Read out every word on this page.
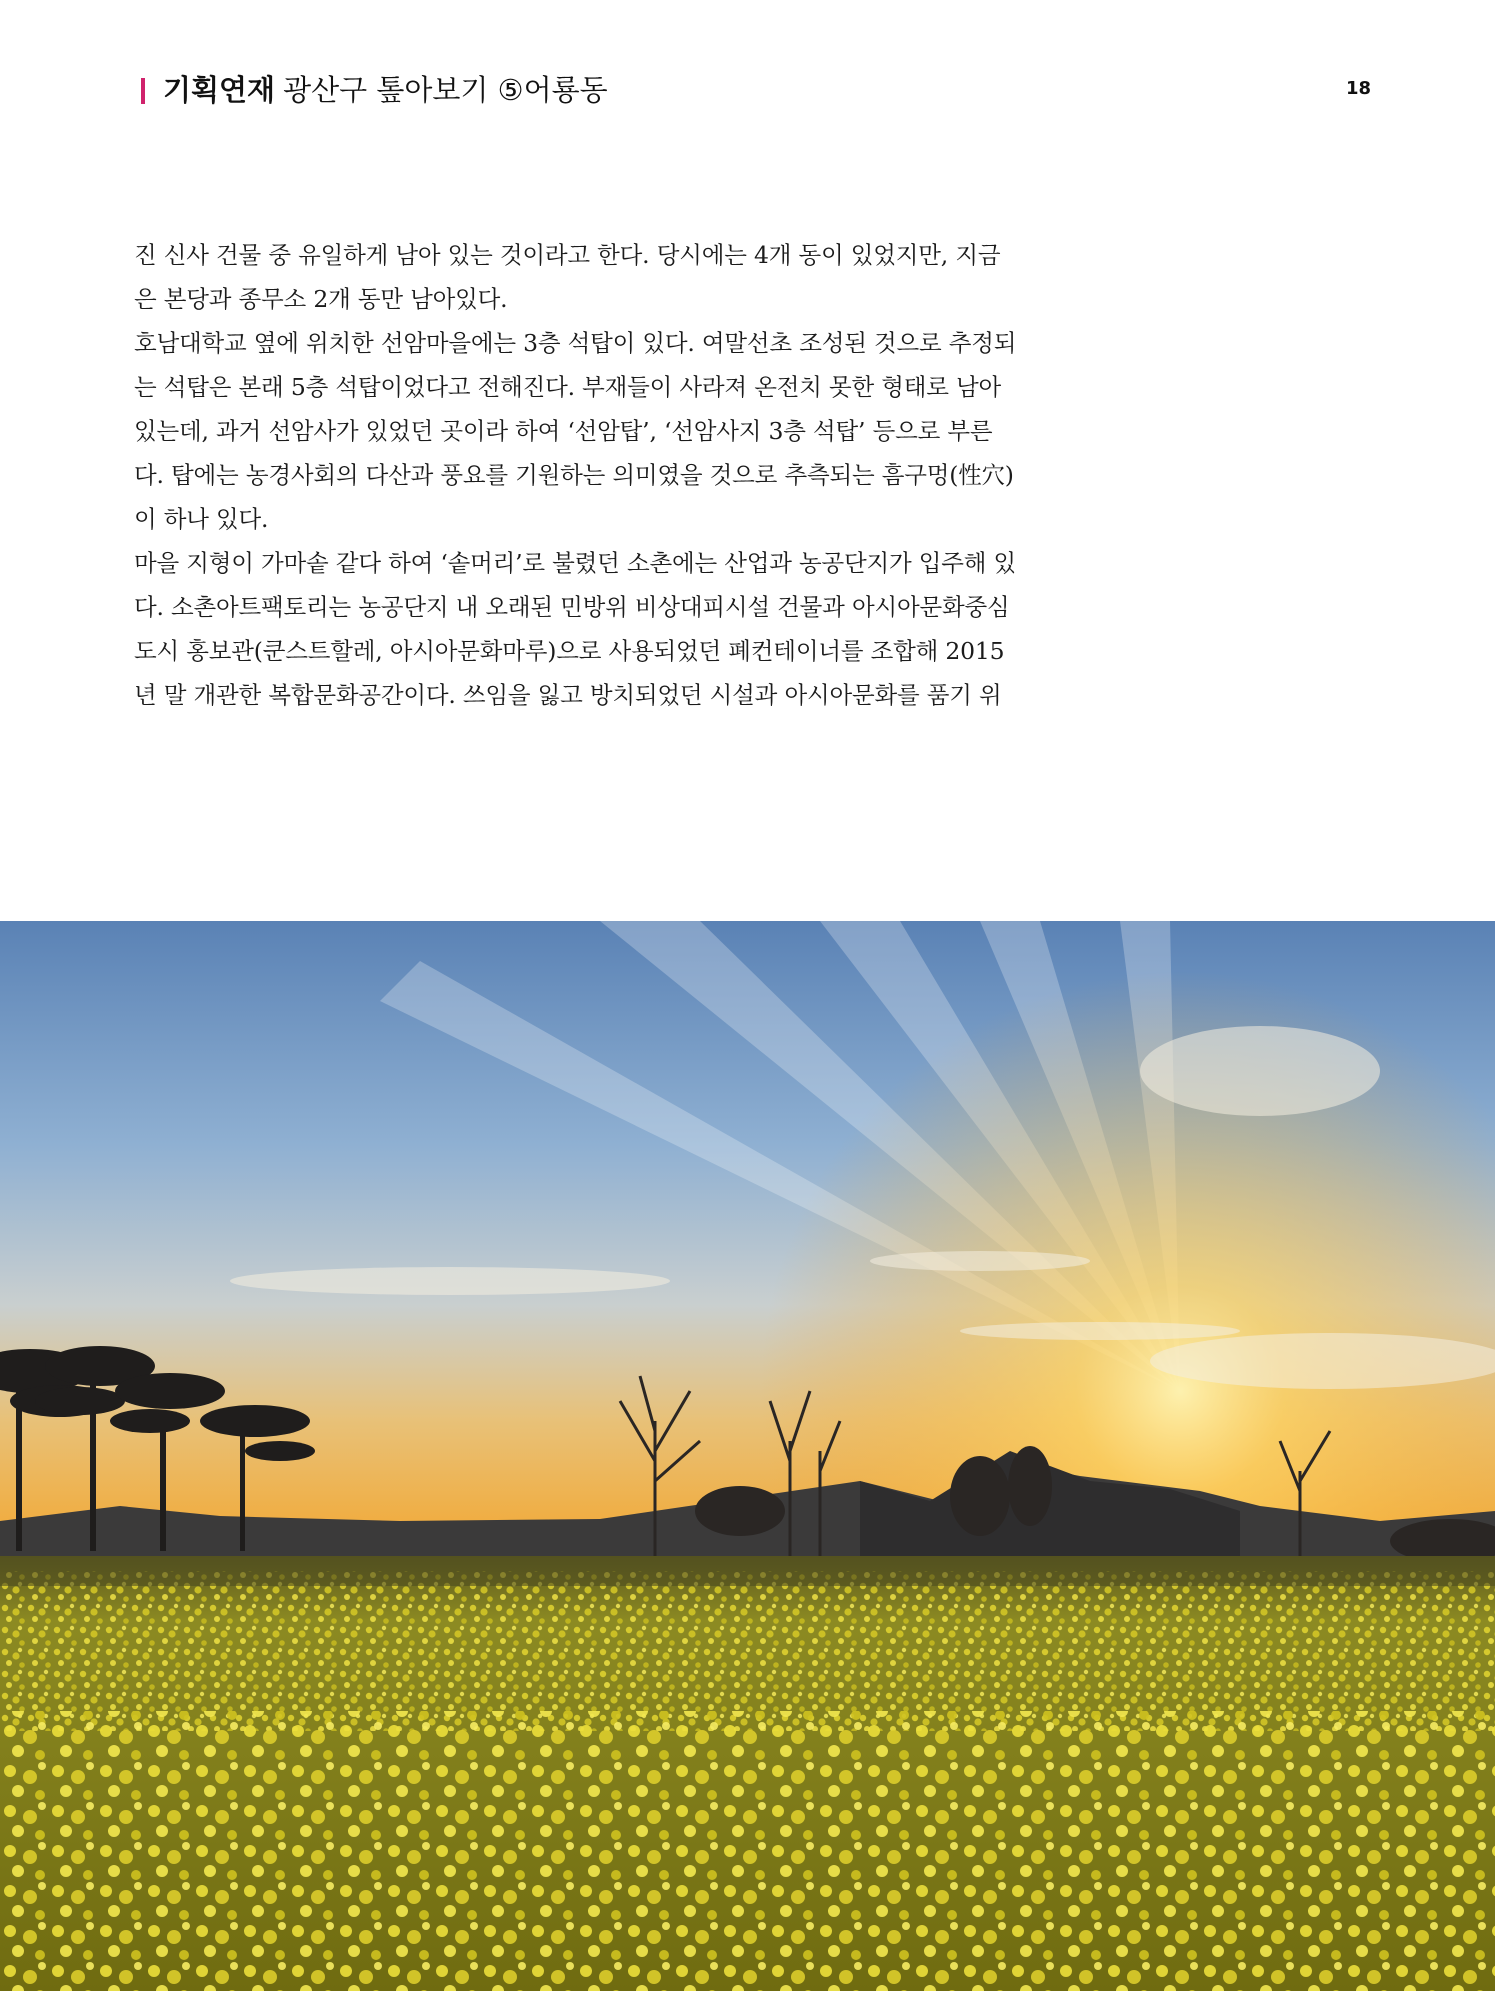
기획연재 광산구 톺아보기 ⑤어룡동	18
진 신사 건물 중 유일하게 남아 있는 것이라고 한다. 당시에는 4개 동이 있었지만, 지금
은 본당과 종무소 2개 동만 남아있다.
호남대학교 옆에 위치한 선암마을에는 3층 석탑이 있다. 여말선초 조성된 것으로 추정되
는 석탑은 본래 5층 석탑이었다고 전해진다. 부재들이 사라져 온전치 못한 형태로 남아
있는데, 과거 선암사가 있었던 곳이라 하여 ‘선암탑’, ‘선암사지 3층 석탑’ 등으로 부른
다. 탑에는 농경사회의 다산과 풍요를 기원하는 의미였을 것으로 추측되는 흠구멍(性穴)
이 하나 있다.
마을 지형이 가마솥 같다 하여 ‘솥머리’로 불렸던 소촌에는 산업과 농공단지가 입주해 있
다. 소촌아트팩토리는 농공단지 내 오래된 민방위 비상대피시설 건물과 아시아문화중심
도시 홍보관(쿤스트할레, 아시아문화마루)으로 사용되었던 폐컨테이너를 조합해 2015
년 말 개관한 복합문화공간이다. 쓰임을 잃고 방치되었던 시설과 아시아문화를 품기 위
